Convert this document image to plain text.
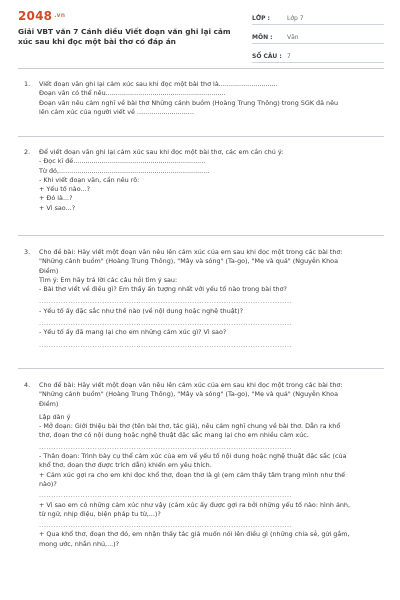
2048 $^{.vn}$
Giải VBT văn 7 Cánh diều Viết đoạn văn ghi lại cảm xúc sau khi đọc một bài thơ có đáp án
LỚP :	Lớp 7
MÔN :	Văn
SỐ CÂU : 7
1.	Viết đoạn văn ghi lại cảm xúc sau khi đọc một bài thơ là.............................
Đoạn văn có thể nêu...........................................................
Đoạn văn nêu cảm nghĩ về bài thơ Những cánh buồm (Hoàng Trung Thông) trong SGK đã nêu
lên cảm xúc của người viết về ............................
2.	Để viết đoạn văn ghi lại cảm xúc sau khi đọc một bài thơ, các em cần chú ý:
- Đọc kĩ đề.................................................................
Từ đó,..........................................................................
- Khi viết đoạn văn, cần nêu rõ:
+ Yếu tố nào...?
+ Đó là...?
+ Vì sao...?
3.	Cho đề bài: Hãy viết một đoạn văn nêu lên cảm xúc của em sau khi đọc một trong các bài thơ:
"Những cánh buồm" (Hoàng Trung Thông), "Mây và sóng" (Ta-go), "Mẹ và quả" (Nguyễn Khoa
Điềm)
Tìm ý: Em hãy trả lời các câu hỏi tìm ý sau:
- Bài thơ viết về điều gì? Em thấy ấn tượng nhất với yếu tố nào trong bài thơ?
........................................................................................................
- Yếu tố ấy đặc sắc như thế nào (về nội dung hoặc nghệ thuật)?
........................................................................................................
- Yếu tố ấy đã mang lại cho em những cảm xúc gì? Vì sao?
........................................................................................................
4.	Cho đề bài: Hãy viết một đoạn văn nêu lên cảm xúc của em sau khi đọc một trong các bài thơ:
"Những cánh buồm" (Hoàng Trung Thông), "Mây và sóng" (Ta-go), "Mẹ và quả" (Nguyễn Khoa
Điềm)
Lập dàn ý
- Mở đoạn: Giới thiệu bài thơ (tên bài thơ, tác giả), nêu cảm nghĩ chung về bài thơ. Dẫn ra khổ
thơ, đoạn thơ có nội dung hoặc nghệ thuật đặc sắc mang lại cho em nhiều cảm xúc.
........................................................................................................
- Thân đoạn: Trình bày cụ thể cảm xúc của em về yếu tố nội dung hoặc nghệ thuật đặc sắc (của
khổ thơ, đoạn thơ được trích dẫn) khiến em yêu thích.
+ Cảm xúc gợi ra cho em khi đọc khổ thơ, đoạn thơ là gì (em cảm thấy tâm trạng mình như thế
nào)?
........................................................................................................
+ Vì sao em có những cảm xúc như vậy (cảm xúc ấy được gợi ra bởi những yếu tố nào: hình ảnh,
từ ngữ, nhịp điệu, biện pháp tu từ,...)?
........................................................................................................
+ Qua khổ thơ, đoạn thơ đó, em nhận thấy tác giả muốn nói lên điều gì (những chia sẻ, gửi gắm,
mong ước, nhắn nhủ,...)?
